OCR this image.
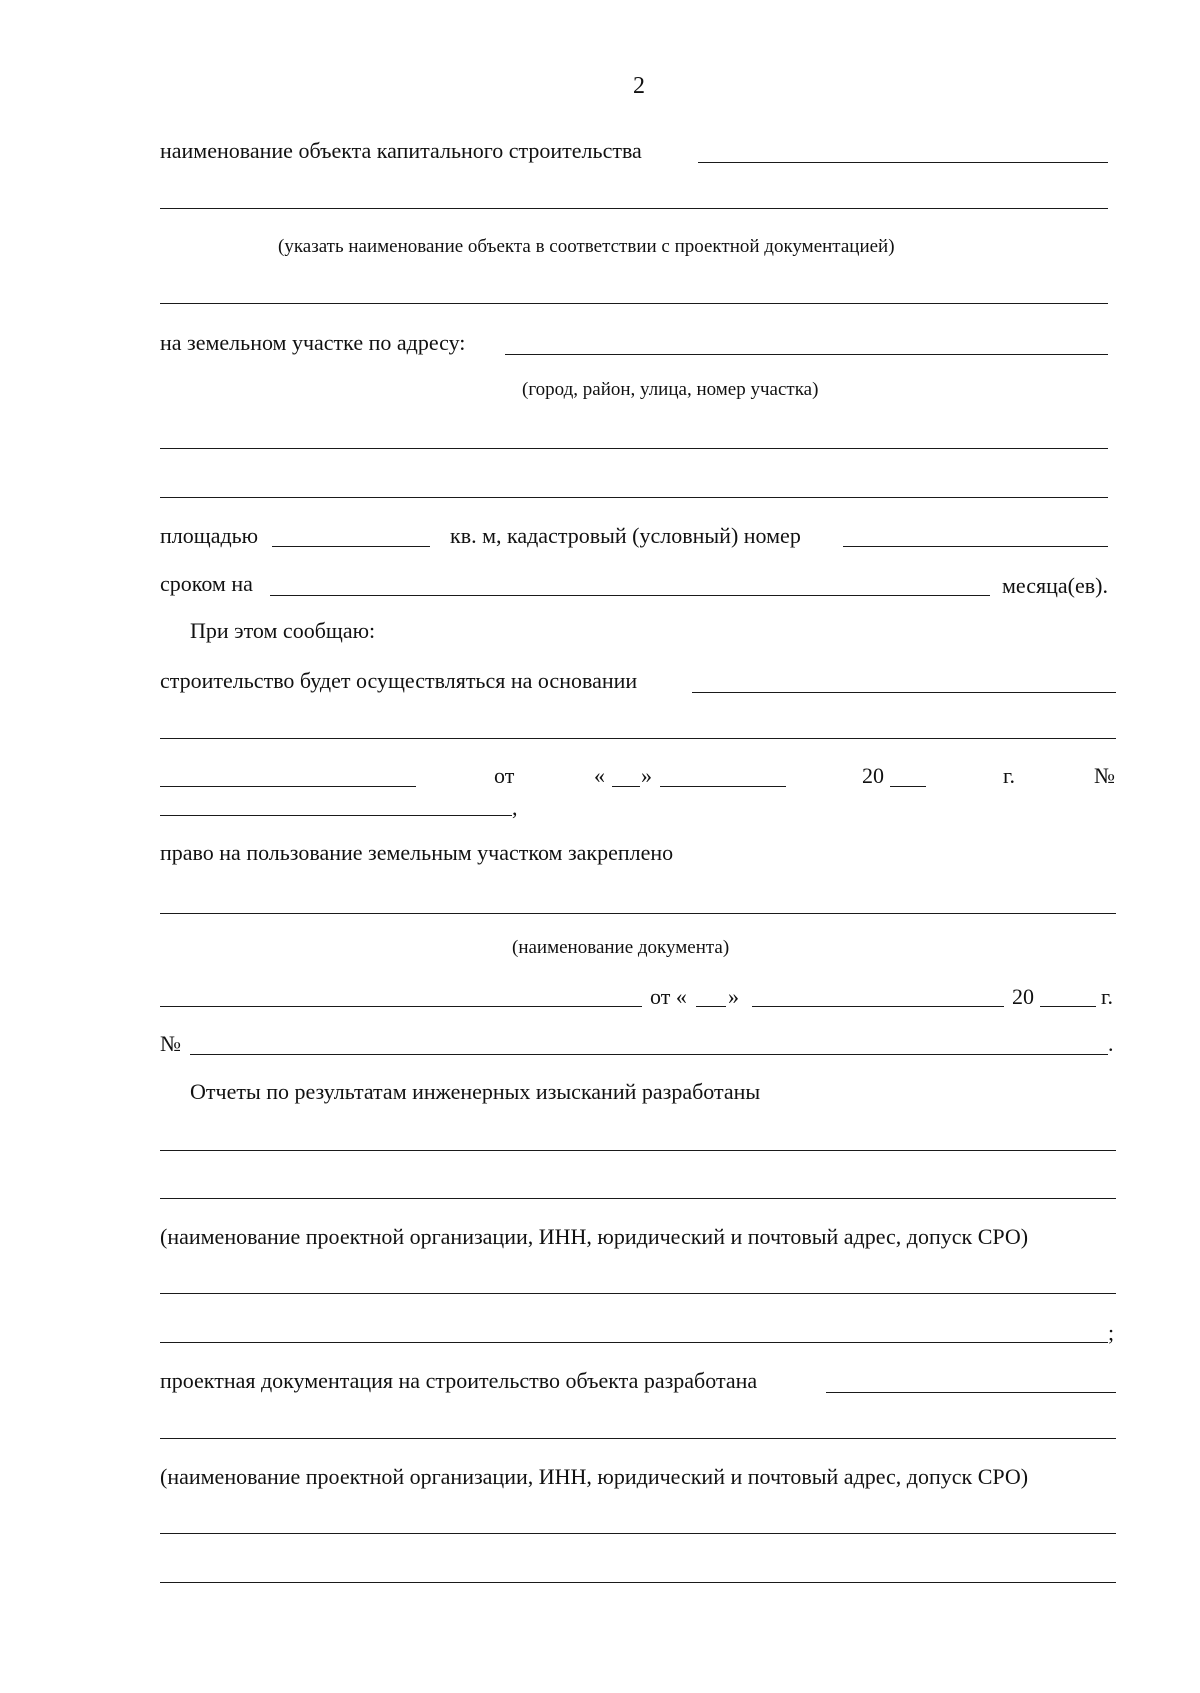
2
наименование объекта капитального строительства
(указать наименование объекта в соответствии с проектной документацией)
на земельном участке по адресу:
(город, район, улица, номер участка)
площадью	кв. м, кадастровый (условный) номер
сроком на	месяца(ев).
При этом сообщаю:
строительство будет осуществляться на основании
от	« »	20	г.	№
,
право на пользование земельным участком закреплено
(наименование документа)
от « »	20	г.
№	.
Отчеты по результатам инженерных изысканий разработаны
(наименование проектной организации, ИНН, юридический и почтовый адрес, допуск СРО)
;
проектная документация на строительство объекта разработана
(наименование проектной организации, ИНН, юридический и почтовый адрес, допуск СРО)
